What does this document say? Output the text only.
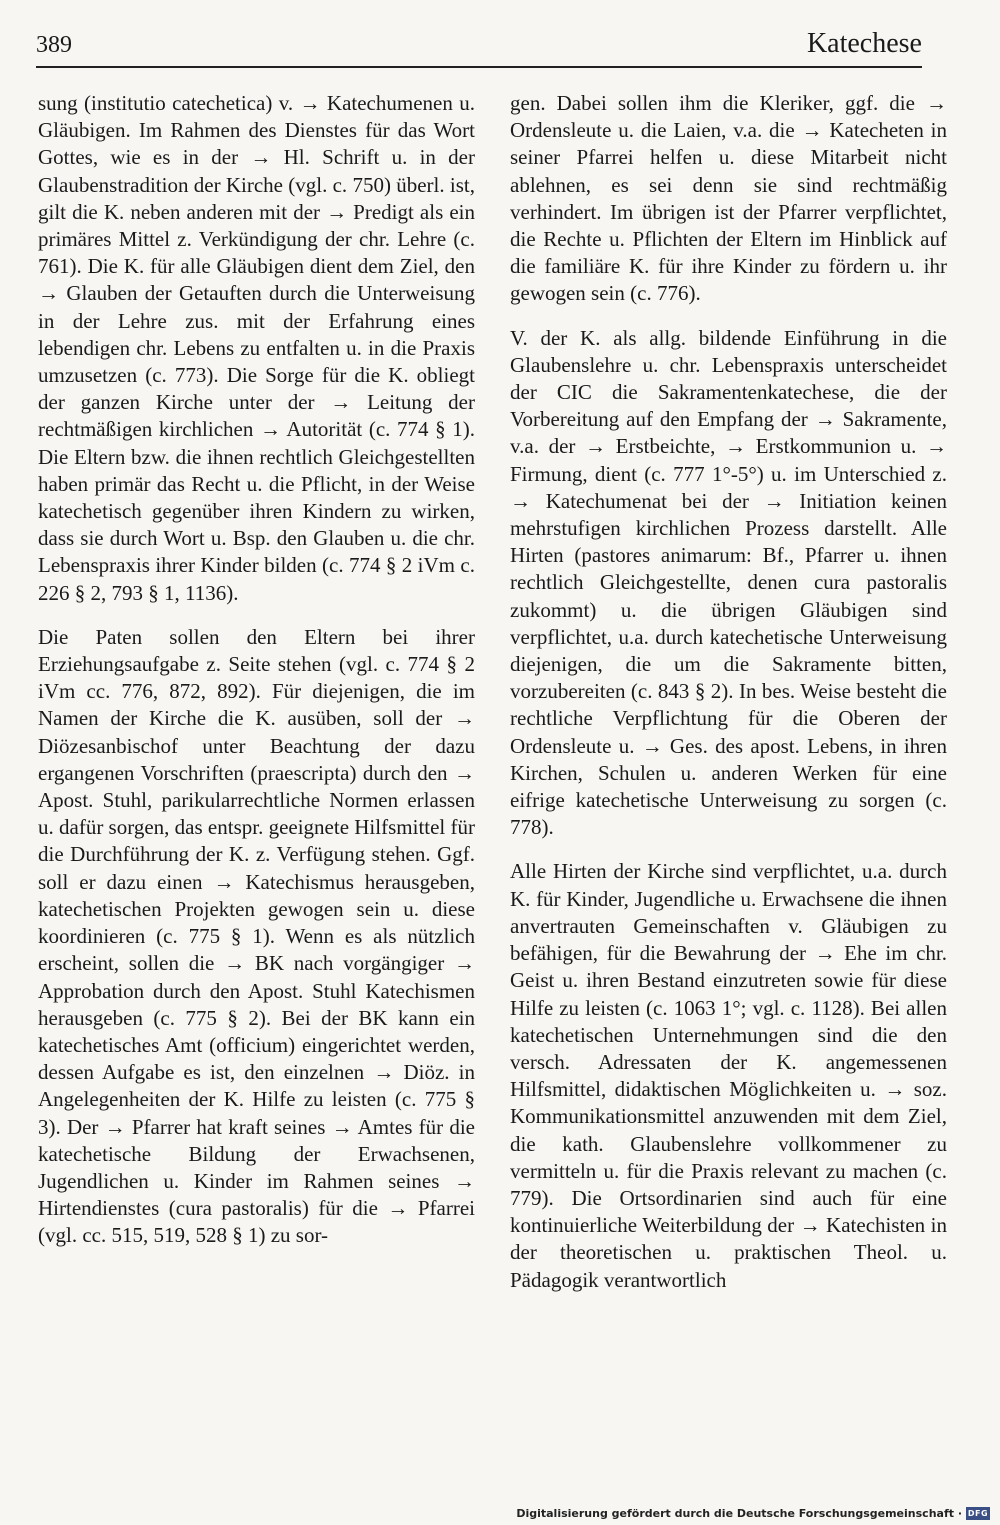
389	Katechese

sung (institutio catechetica) v. → Katechumenen u. Gläubigen. Im Rahmen des Dienstes für das Wort Gottes, wie es in der → Hl. Schrift u. in der Glaubenstradition der Kirche (vgl. c. 750) überl. ist, gilt die K. neben anderen mit der → Predigt als ein primäres Mittel z. Verkündigung der chr. Lehre (c. 761). Die K. für alle Gläubigen dient dem Ziel, den → Glauben der Getauften durch die Unterweisung in der Lehre zus. mit der Erfahrung eines lebendigen chr. Lebens zu entfalten u. in die Praxis umzusetzen (c. 773). Die Sorge für die K. obliegt der ganzen Kirche unter der → Leitung der rechtmäßigen kirchlichen → Autorität (c. 774 § 1). Die Eltern bzw. die ihnen rechtlich Gleichgestellten haben primär das Recht u. die Pflicht, in der Weise katechetisch gegenüber ihren Kindern zu wirken, dass sie durch Wort u. Bsp. den Glauben u. die chr. Lebenspraxis ihrer Kinder bilden (c. 774 § 2 iVm c. 226 § 2, 793 § 1, 1136).

Die Paten sollen den Eltern bei ihrer Erziehungsaufgabe z. Seite stehen (vgl. c. 774 § 2 iVm cc. 776, 872, 892). Für diejenigen, die im Namen der Kirche die K. ausüben, soll der → Diözesanbischof unter Beachtung der dazu ergangenen Vorschriften (praescripta) durch den → Apost. Stuhl, parikularrechtliche Normen erlassen u. dafür sorgen, das entspr. geeignete Hilfsmittel für die Durchführung der K. z. Verfügung stehen. Ggf. soll er dazu einen → Katechismus herausgeben, katechetischen Projekten gewogen sein u. diese koordinieren (c. 775 § 1). Wenn es als nützlich erscheint, sollen die → BK nach vorgängiger → Approbation durch den Apost. Stuhl Katechismen herausgeben (c. 775 § 2). Bei der BK kann ein katechetisches Amt (officium) eingerichtet werden, dessen Aufgabe es ist, den einzelnen → Diöz. in Angelegenheiten der K. Hilfe zu leisten (c. 775 § 3). Der → Pfarrer hat kraft seines → Amtes für die katechetische Bildung der Erwachsenen, Jugendlichen u. Kinder im Rahmen seines → Hirtendienstes (cura pastoralis) für die → Pfarrei (vgl. cc. 515, 519, 528 § 1) zu sor-

gen. Dabei sollen ihm die Kleriker, ggf. die → Ordensleute u. die Laien, v.a. die → Katecheten in seiner Pfarrei helfen u. diese Mitarbeit nicht ablehnen, es sei denn sie sind rechtmäßig verhindert. Im übrigen ist der Pfarrer verpflichtet, die Rechte u. Pflichten der Eltern im Hinblick auf die familiäre K. für ihre Kinder zu fördern u. ihr gewogen sein (c. 776).

V. der K. als allg. bildende Einführung in die Glaubenslehre u. chr. Lebenspraxis unterscheidet der CIC die Sakramentenkatechese, die der Vorbereitung auf den Empfang der → Sakramente, v.a. der → Erstbeichte, → Erstkommunion u. → Firmung, dient (c. 777 1°-5°) u. im Unterschied z. → Katechumenat bei der → Initiation keinen mehrstufigen kirchlichen Prozess darstellt. Alle Hirten (pastores animarum: Bf., Pfarrer u. ihnen rechtlich Gleichgestellte, denen cura pastoralis zukommt) u. die übrigen Gläubigen sind verpflichtet, u.a. durch katechetische Unterweisung diejenigen, die um die Sakramente bitten, vorzubereiten (c. 843 § 2). In bes. Weise besteht die rechtliche Verpflichtung für die Oberen der Ordensleute u. → Ges. des apost. Lebens, in ihren Kirchen, Schulen u. anderen Werken für eine eifrige katechetische Unterweisung zu sorgen (c. 778).

Alle Hirten der Kirche sind verpflichtet, u.a. durch K. für Kinder, Jugendliche u. Erwachsene die ihnen anvertrauten Gemeinschaften v. Gläubigen zu befähigen, für die Bewahrung der → Ehe im chr. Geist u. ihren Bestand einzutreten sowie für diese Hilfe zu leisten (c. 1063 1°; vgl. c. 1128). Bei allen katechetischen Unternehmungen sind die den versch. Adressaten der K. angemessenen Hilfsmittel, didaktischen Möglichkeiten u. → soz. Kommunikationsmittel anzuwenden mit dem Ziel, die kath. Glaubenslehre vollkommener zu vermitteln u. für die Praxis relevant zu machen (c. 779). Die Ortsordinarien sind auch für eine kontinuierliche Weiterbildung der → Katechisten in der theoretischen u. praktischen Theol. u. Pädagogik verantwortlich

Digitalisierung gefördert durch die Deutsche Forschungsgemeinschaft · DFG
